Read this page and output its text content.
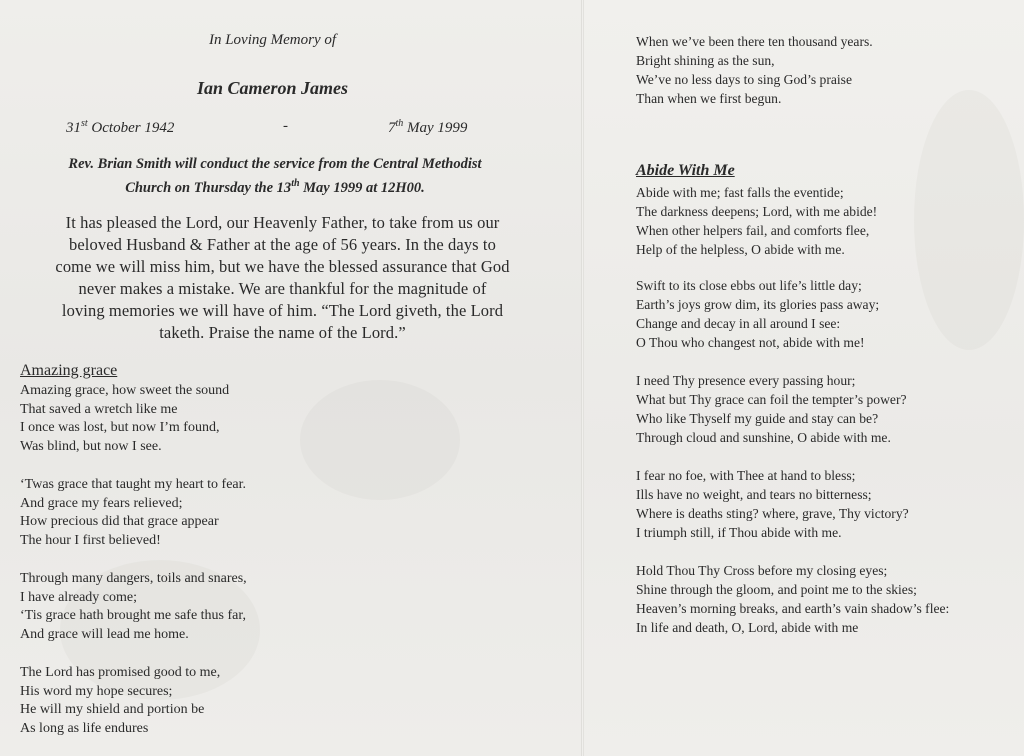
In Loving Memory of
Ian Cameron James
31st October 1942	-	7th May 1999
Rev. Brian Smith will conduct the service from the Central Methodist
Church on Thursday the 13th May 1999 at 12H00.
It has pleased the Lord, our Heavenly Father, to take from us our
beloved Husband & Father at the age of 56 years. In the days to
come we will miss him, but we have the blessed assurance that God
never makes a mistake. We are thankful for the magnitude of
loving memories we will have of him. “The Lord giveth, the Lord
taketh. Praise the name of the Lord.”
Amazing grace
Amazing grace, how sweet the sound
That saved a wretch like me
I once was lost, but now I’m found,
Was blind, but now I see.
‘Twas grace that taught my heart to fear.
And grace my fears relieved;
How precious did that grace appear
The hour I first believed!
Through many dangers, toils and snares,
I have already come;
‘Tis grace hath brought me safe thus far,
And grace will lead me home.
The Lord has promised good to me,
His word my hope secures;
He will my shield and portion be
As long as life endures
When we’ve been there ten thousand years.
Bright shining as the sun,
We’ve no less days to sing God’s praise
Than when we first begun.
Abide With Me
Abide with me; fast falls the eventide;
The darkness deepens; Lord, with me abide!
When other helpers fail, and comforts flee,
Help of the helpless, O abide with me.
Swift to its close ebbs out life’s little day;
Earth’s joys grow dim, its glories pass away;
Change and decay in all around I see:
O Thou who changest not, abide with me!
I need Thy presence every passing hour;
What but Thy grace can foil the tempter’s power?
Who like Thyself my guide and stay can be?
Through cloud and sunshine, O abide with me.
I fear no foe, with Thee at hand to bless;
Ills have no weight, and tears no bitterness;
Where is deaths sting? where, grave, Thy victory?
I triumph still, if Thou abide with me.
Hold Thou Thy Cross before my closing eyes;
Shine through the gloom, and point me to the skies;
Heaven’s morning breaks, and earth’s vain shadow’s flee:
In life and death, O, Lord, abide with me
